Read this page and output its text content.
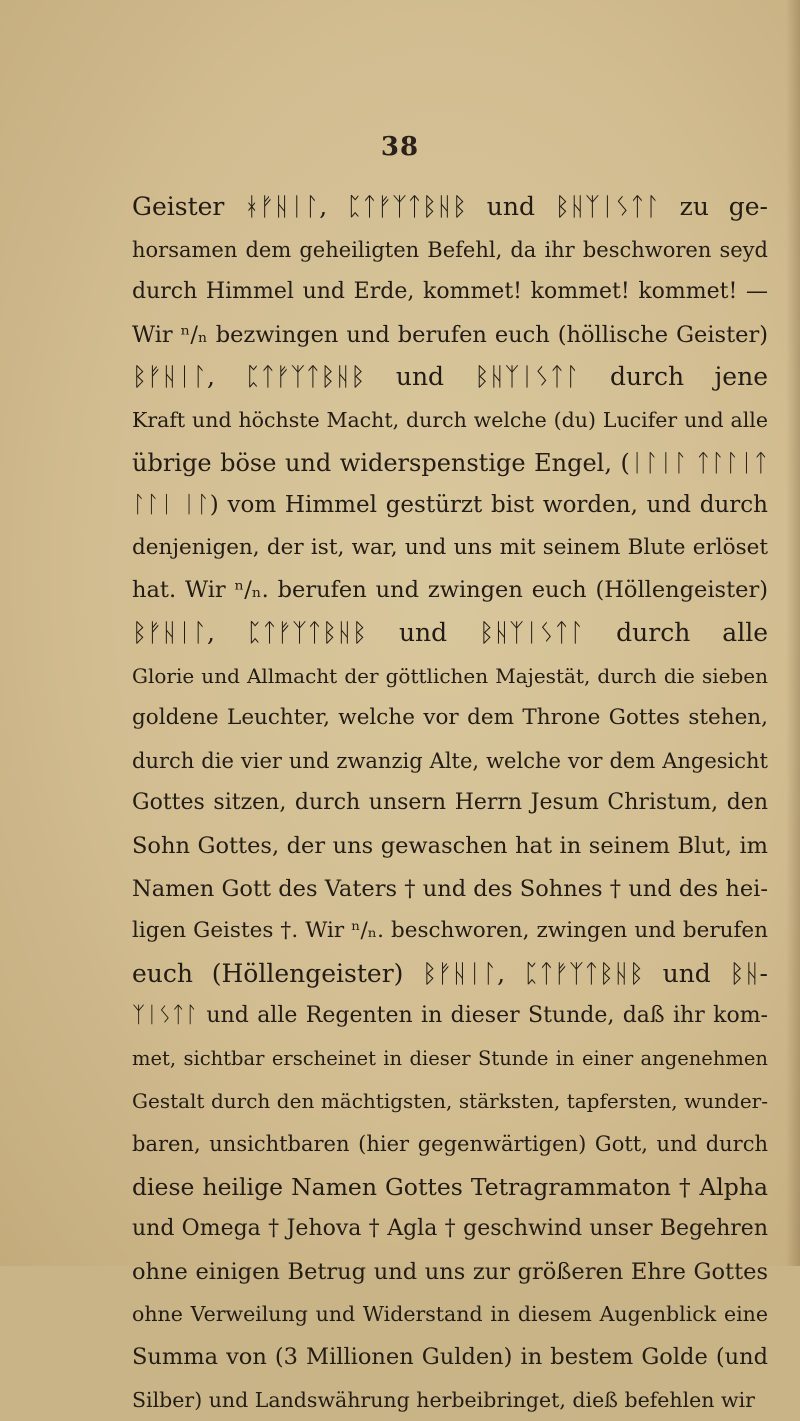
38
Geister ᚼᚠᚺᛁᛚ, ᛈᛏᚠᛉᛏᛒᚺᛒ und ᛒᚺᛉᛁᛊᛏᛚ zu ge-
horsamen dem geheiligten Befehl, da ihr beschworen seyd
durch Himmel und Erde, kommet! kommet! kommet! —
Wir ⁿ/ₙ bezwingen und berufen euch (höllische Geister)
ᛒᚠᚺᛁᛚ, ᛈᛏᚠᛉᛏᛒᚺᛒ und ᛒᚺᛉᛁᛊᛏᛚ durch jene
Kraft und höchste Macht, durch welche (du) Lucifer und alle
übrige böse und widerspenstige Engel, (ᛁᛚᛁᛚ ᛏᛚᛚᛁᛏ
ᛚᛚᛁ ᛁᛚ) vom Himmel gestürzt bist worden, und durch
denjenigen, der ist, war, und uns mit seinem Blute erlöset
hat. Wir ⁿ/ₙ. berufen und zwingen euch (Höllengeister)
ᛒᚠᚺᛁᛚ, ᛈᛏᚠᛉᛏᛒᚺᛒ und ᛒᚺᛉᛁᛊᛏᛚ durch alle
Glorie und Allmacht der göttlichen Majestät, durch die sieben
goldene Leuchter, welche vor dem Throne Gottes stehen,
durch die vier und zwanzig Alte, welche vor dem Angesicht
Gottes sitzen, durch unsern Herrn Jesum Christum, den
Sohn Gottes, der uns gewaschen hat in seinem Blut, im
Namen Gott des Vaters † und des Sohnes † und des hei-
ligen Geistes †. Wir ⁿ/ₙ. beschworen, zwingen und berufen
euch (Höllengeister) ᛒᚠᚺᛁᛚ, ᛈᛏᚠᛉᛏᛒᚺᛒ und ᛒᚺ-
ᛉᛁᛊᛏᛚ und alle Regenten in dieser Stunde, daß ihr kom-
met, sichtbar erscheinet in dieser Stunde in einer angenehmen
Gestalt durch den mächtigsten, stärksten, tapfersten, wunder-
baren, unsichtbaren (hier gegenwärtigen) Gott, und durch
diese heilige Namen Gottes Tetragrammaton † Alpha
und Omega † Jehova † Agla † geschwind unser Begehren
ohne einigen Betrug und uns zur größeren Ehre Gottes
ohne Verweilung und Widerstand in diesem Augenblick eine
Summa von (3 Millionen Gulden) in bestem Golde (und
Silber) und Landswährung herbeibringet, dieß befehlen wir
